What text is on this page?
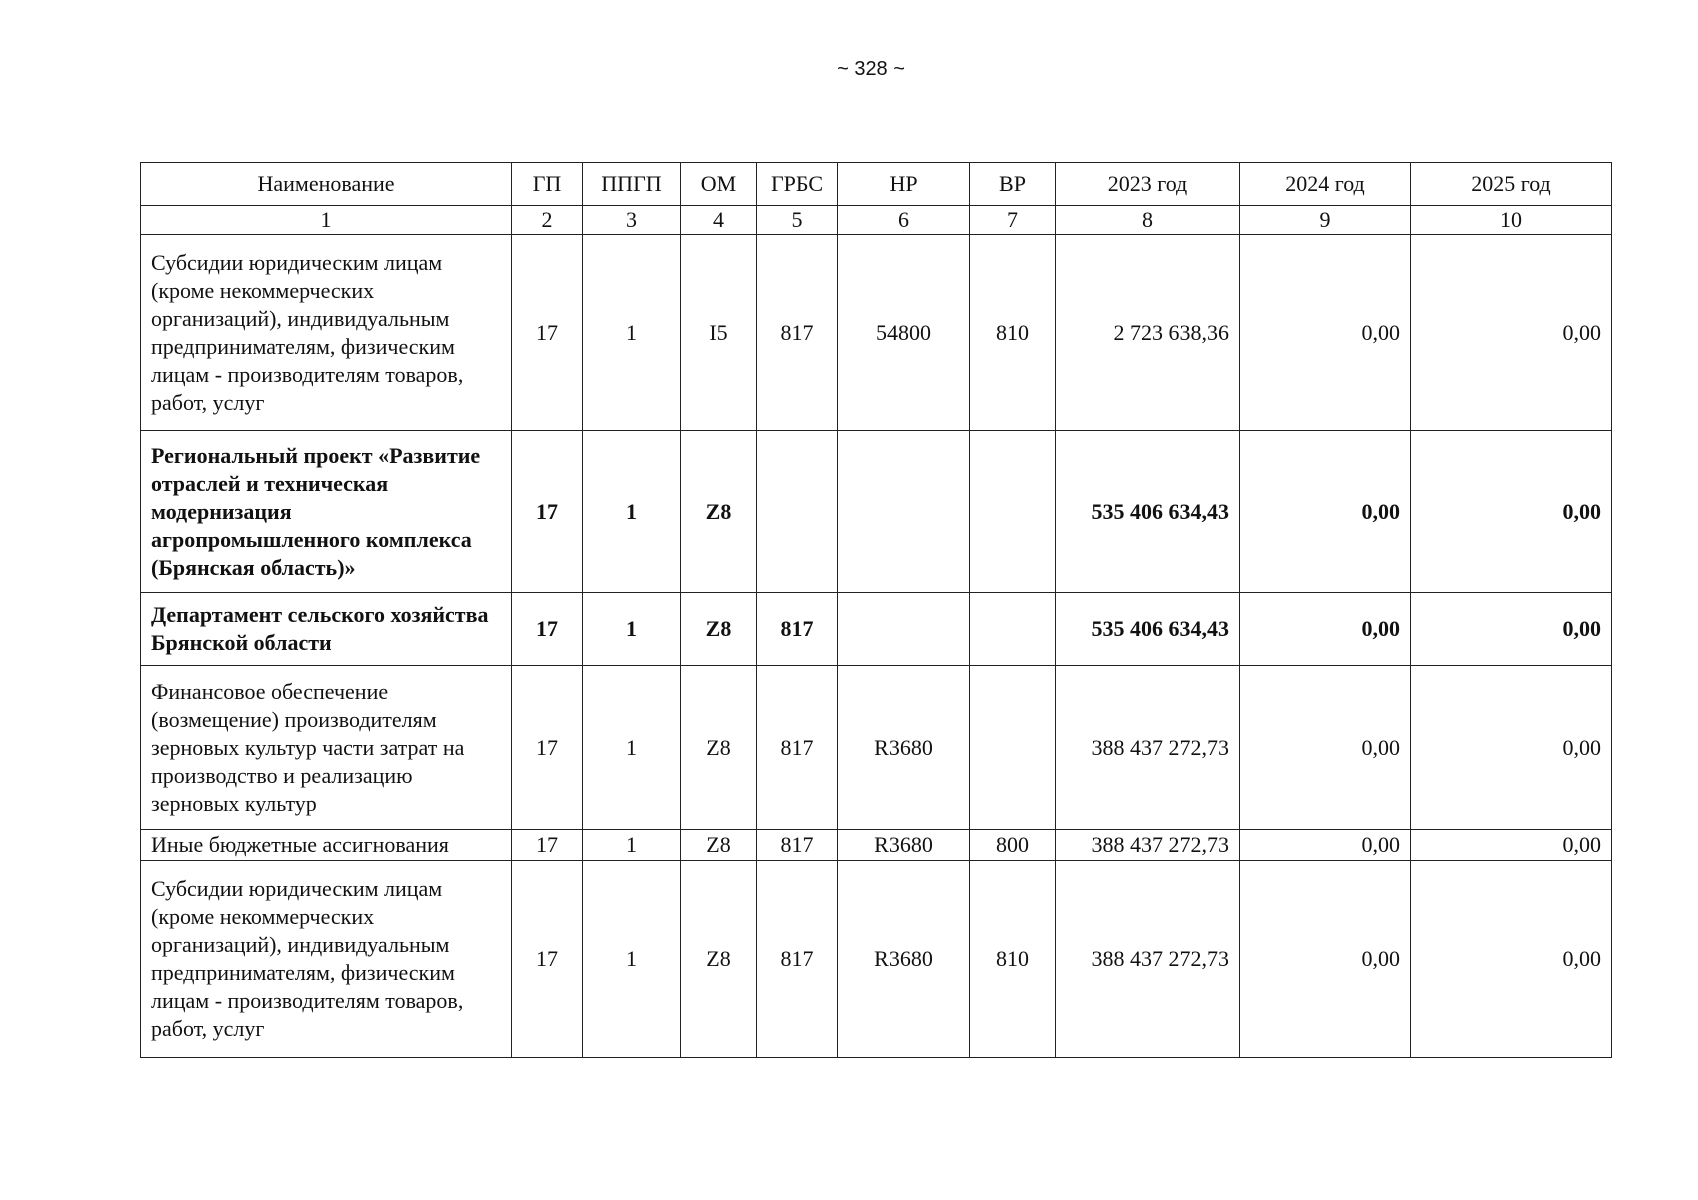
~ 328 ~
Наименование	ГП	ППГП	ОМ	ГРБС	НР	ВР	2023 год	2024 год	2025 год
1	2	3	4	5	6	7	8	9	10
Субсидии юридическим лицам (кроме некоммерческих организаций), индивидуальным предпринимателям, физическим лицам - производителям товаров, работ, услуг	17	1	I5	817	54800	810	2 723 638,36	0,00	0,00
Региональный проект «Развитие отраслей и техническая модернизация агропромышленного комплекса (Брянская область)»	17	1	Z8				535 406 634,43	0,00	0,00
Департамент сельского хозяйства Брянской области	17	1	Z8	817			535 406 634,43	0,00	0,00
Финансовое обеспечение (возмещение) производителям зерновых культур части затрат на производство и реализацию зерновых культур	17	1	Z8	817	R3680		388 437 272,73	0,00	0,00
Иные бюджетные ассигнования	17	1	Z8	817	R3680	800	388 437 272,73	0,00	0,00
Субсидии юридическим лицам (кроме некоммерческих организаций), индивидуальным предпринимателям, физическим лицам - производителям товаров, работ, услуг	17	1	Z8	817	R3680	810	388 437 272,73	0,00	0,00
